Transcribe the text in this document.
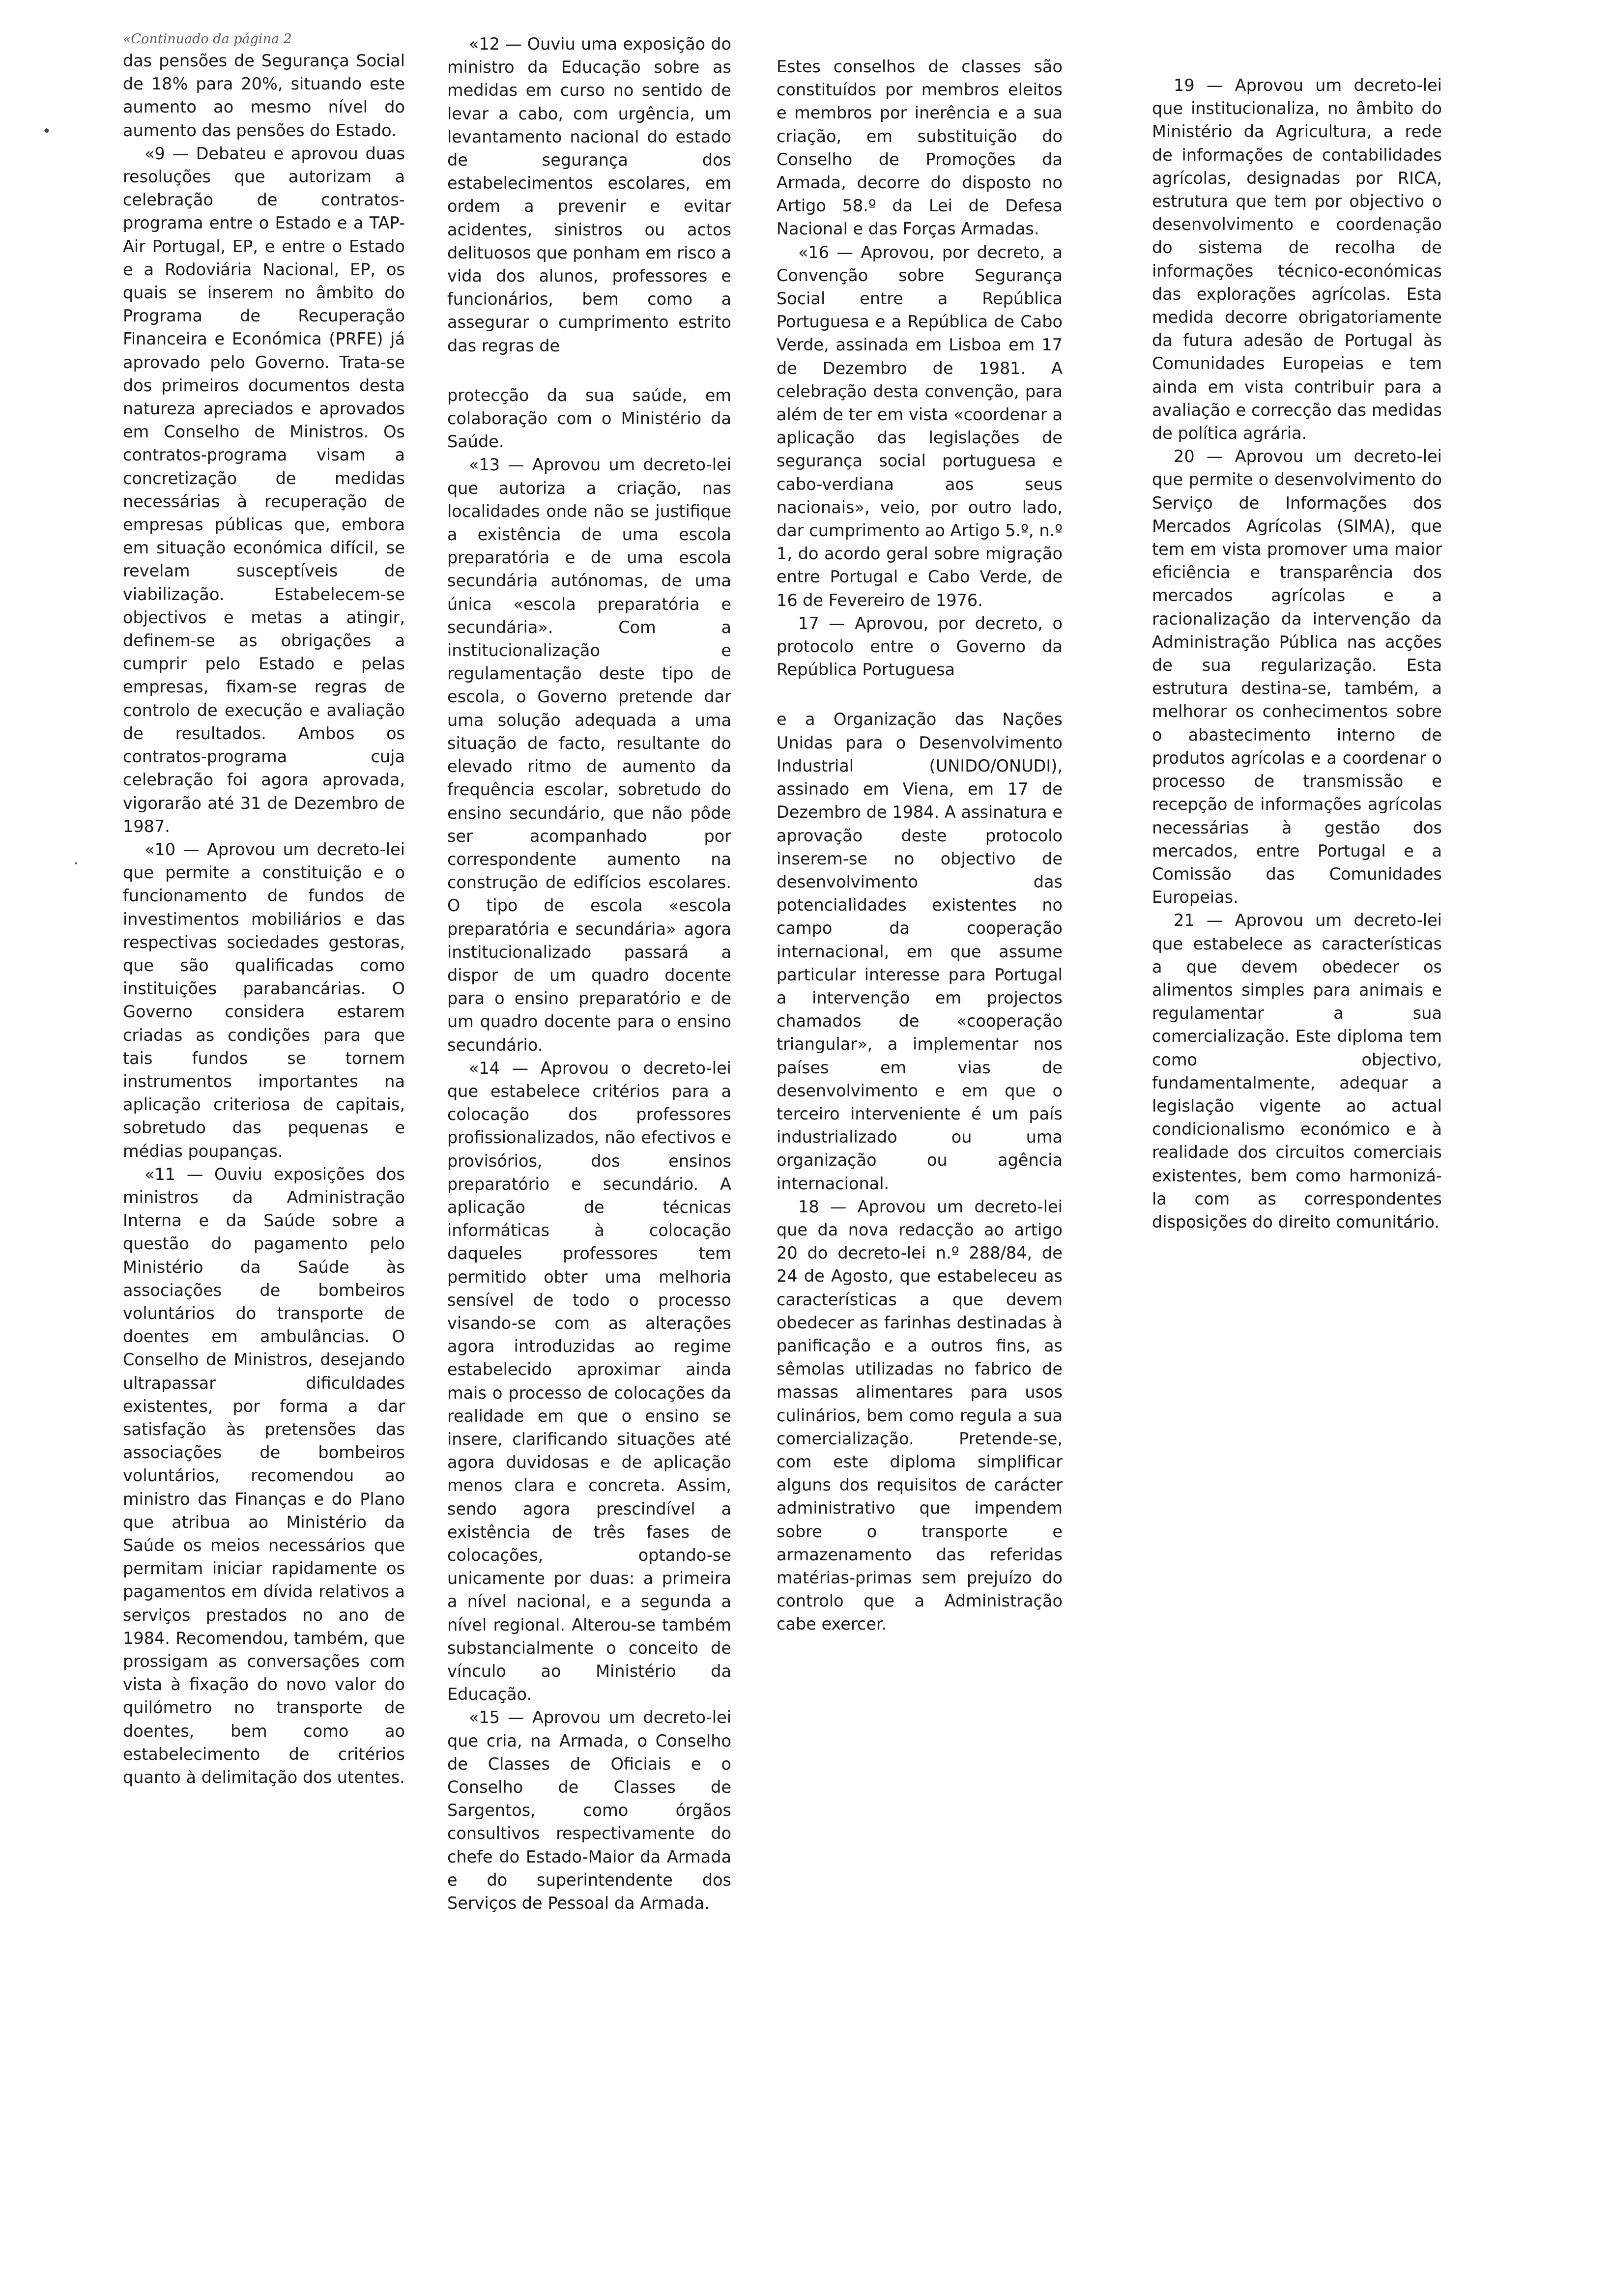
«Continuado da página 2

das pensões de Segurança Social de 18% para 20%, situando este aumento ao mesmo nível do aumento das pensões do Estado.

«9 — Debateu e aprovou duas resoluções que autorizam a celebração de contratos-programa entre o Estado e a TAP-Air Portugal, EP, e entre o Estado e a Rodoviária Nacional, EP, os quais se inserem no âmbito do Programa de Recuperação Financeira e Económica (PRFE) já aprovado pelo Governo. Trata-se dos primeiros documentos desta natureza apreciados e aprovados em Conselho de Ministros. Os contratos-programa visam a concretização de medidas necessárias à recuperação de empresas públicas que, embora em situação económica difícil, se revelam susceptíveis de viabilização. Estabelecem-se objectivos e metas a atingir, definem-se as obrigações a cumprir pelo Estado e pelas empresas, fixam-se regras de controlo de execução e avaliação de resultados. Ambos os contratos-programa cuja celebração foi agora aprovada, vigorarão até 31 de Dezembro de 1987.

«10 — Aprovou um decreto-lei que permite a constituição e o funcionamento de fundos de investimentos mobiliários e das respectivas sociedades gestoras, que são qualificadas como instituições parabancárias. O Governo considera estarem criadas as condições para que tais fundos se tornem instrumentos importantes na aplicação criteriosa de capitais, sobretudo das pequenas e médias poupanças.

«11 — Ouviu exposições dos ministros da Administração Interna e da Saúde sobre a questão do pagamento pelo Ministério da Saúde às associações de bombeiros voluntários do transporte de doentes em ambulâncias. O Conselho de Ministros, desejando ultrapassar dificuldades existentes, por forma a dar satisfação às pretensões das associações de bombeiros voluntários, recomendou ao ministro das Finanças e do Plano que atribua ao Ministério da Saúde os meios necessários que permitam iniciar rapidamente os pagamentos em dívida relativos a serviços prestados no ano de 1984. Recomendou, também, que prossigam as conversações com vista à fixação do novo valor do quilómetro no transporte de doentes, bem como ao estabelecimento de critérios quanto à delimitação dos utentes.

«12 — Ouviu uma exposição do ministro da Educação sobre as medidas em curso no sentido de levar a cabo, com urgência, um levantamento nacional do estado de segurança dos estabelecimentos escolares, em ordem a prevenir e evitar acidentes, sinistros ou actos delituosos que ponham em risco a vida dos alunos, professores e funcionários, bem como a assegurar o cumprimento estrito das regras de

protecção da sua saúde, em colaboração com o Ministério da Saúde.

«13 — Aprovou um decreto-lei que autoriza a criação, nas localidades onde não se justifique a existência de uma escola preparatória e de uma escola secundária autónomas, de uma única «escola preparatória e secundária». Com a institucionalização e regulamentação deste tipo de escola, o Governo pretende dar uma solução adequada a uma situação de facto, resultante do elevado ritmo de aumento da frequência escolar, sobretudo do ensino secundário, que não pôde ser acompanhado por correspondente aumento na construção de edifícios escolares. O tipo de escola «escola preparatória e secundária» agora institucionalizado passará a dispor de um quadro docente para o ensino preparatório e de um quadro docente para o ensino secundário.

«14 — Aprovou o decreto-lei que estabelece critérios para a colocação dos professores profissionalizados, não efectivos e provisórios, dos ensinos preparatório e secundário. A aplicação de técnicas informáticas à colocação daqueles professores tem permitido obter uma melhoria sensível de todo o processo visando-se com as alterações agora introduzidas ao regime estabelecido aproximar ainda mais o processo de colocações da realidade em que o ensino se insere, clarificando situações até agora duvidosas e de aplicação menos clara e concreta. Assim, sendo agora prescindível a existência de três fases de colocações, optando-se unicamente por duas: a primeira a nível nacional, e a segunda a nível regional. Alterou-se também substancialmente o conceito de vínculo ao Ministério da Educação.

«15 — Aprovou um decreto-lei que cria, na Armada, o Conselho de Classes de Oficiais e o Conselho de Classes de Sargentos, como órgãos consultivos respectivamente do chefe do Estado-Maior da Armada e do superintendente dos Serviços de Pessoal da Armada.

Estes conselhos de classes são constituídos por membros eleitos e membros por inerência e a sua criação, em substituição do Conselho de Promoções da Armada, decorre do disposto no Artigo 58.º da Lei de Defesa Nacional e das Forças Armadas.

«16 — Aprovou, por decreto, a Convenção sobre Segurança Social entre a República Portuguesa e a República de Cabo Verde, assinada em Lisboa em 17 de Dezembro de 1981. A celebração desta convenção, para além de ter em vista «coordenar a aplicação das legislações de segurança social portuguesa e cabo-verdiana aos seus nacionais», veio, por outro lado, dar cumprimento ao Artigo 5.º, n.º 1, do acordo geral sobre migração entre Portugal e Cabo Verde, de 16 de Fevereiro de 1976.

17 — Aprovou, por decreto, o protocolo entre o Governo da República Portuguesa

e a Organização das Nações Unidas para o Desenvolvimento Industrial (UNIDO/ONUDI), assinado em Viena, em 17 de Dezembro de 1984. A assinatura e aprovação deste protocolo inserem-se no objectivo de desenvolvimento das potencialidades existentes no campo da cooperação internacional, em que assume particular interesse para Portugal a intervenção em projectos chamados de «cooperação triangular», a implementar nos países em vias de desenvolvimento e em que o terceiro interveniente é um país industrializado ou uma organização ou agência internacional.

18 — Aprovou um decreto-lei que da nova redacção ao artigo 20 do decreto-lei n.º 288/84, de 24 de Agosto, que estabeleceu as características a que devem obedecer as farinhas destinadas à panificação e a outros fins, as sêmolas utilizadas no fabrico de massas alimentares para usos culinários, bem como regula a sua comercialização. Pretende-se, com este diploma simplificar alguns dos requisitos de carácter administrativo que impendem sobre o transporte e armazenamento das referidas matérias-primas sem prejuízo do controlo que a Administração cabe exercer.

19 — Aprovou um decreto-lei que institucionaliza, no âmbito do Ministério da Agricultura, a rede de informações de contabilidades agrícolas, designadas por RICA, estrutura que tem por objectivo o desenvolvimento e coordenação do sistema de recolha de informações técnico-económicas das explorações agrícolas. Esta medida decorre obrigatoriamente da futura adesão de Portugal às Comunidades Europeias e tem ainda em vista contribuir para a avaliação e correcção das medidas de política agrária.

20 — Aprovou um decreto-lei que permite o desenvolvimento do Serviço de Informações dos Mercados Agrícolas (SIMA), que tem em vista promover uma maior eficiência e transparência dos mercados agrícolas e a racionalização da intervenção da Administração Pública nas acções de sua regularização. Esta estrutura destina-se, também, a melhorar os conhecimentos sobre o abastecimento interno de produtos agrícolas e a coordenar o processo de transmissão e recepção de informações agrícolas necessárias à gestão dos mercados, entre Portugal e a Comissão das Comunidades Europeias.

21 — Aprovou um decreto-lei que estabelece as características a que devem obedecer os alimentos simples para animais e regulamentar a sua comercialização. Este diploma tem como objectivo, fundamentalmente, adequar a legislação vigente ao actual condicionalismo económico e à realidade dos circuitos comerciais existentes, bem como harmonizá-la com as correspondentes disposições do direito comunitário.

•
·
